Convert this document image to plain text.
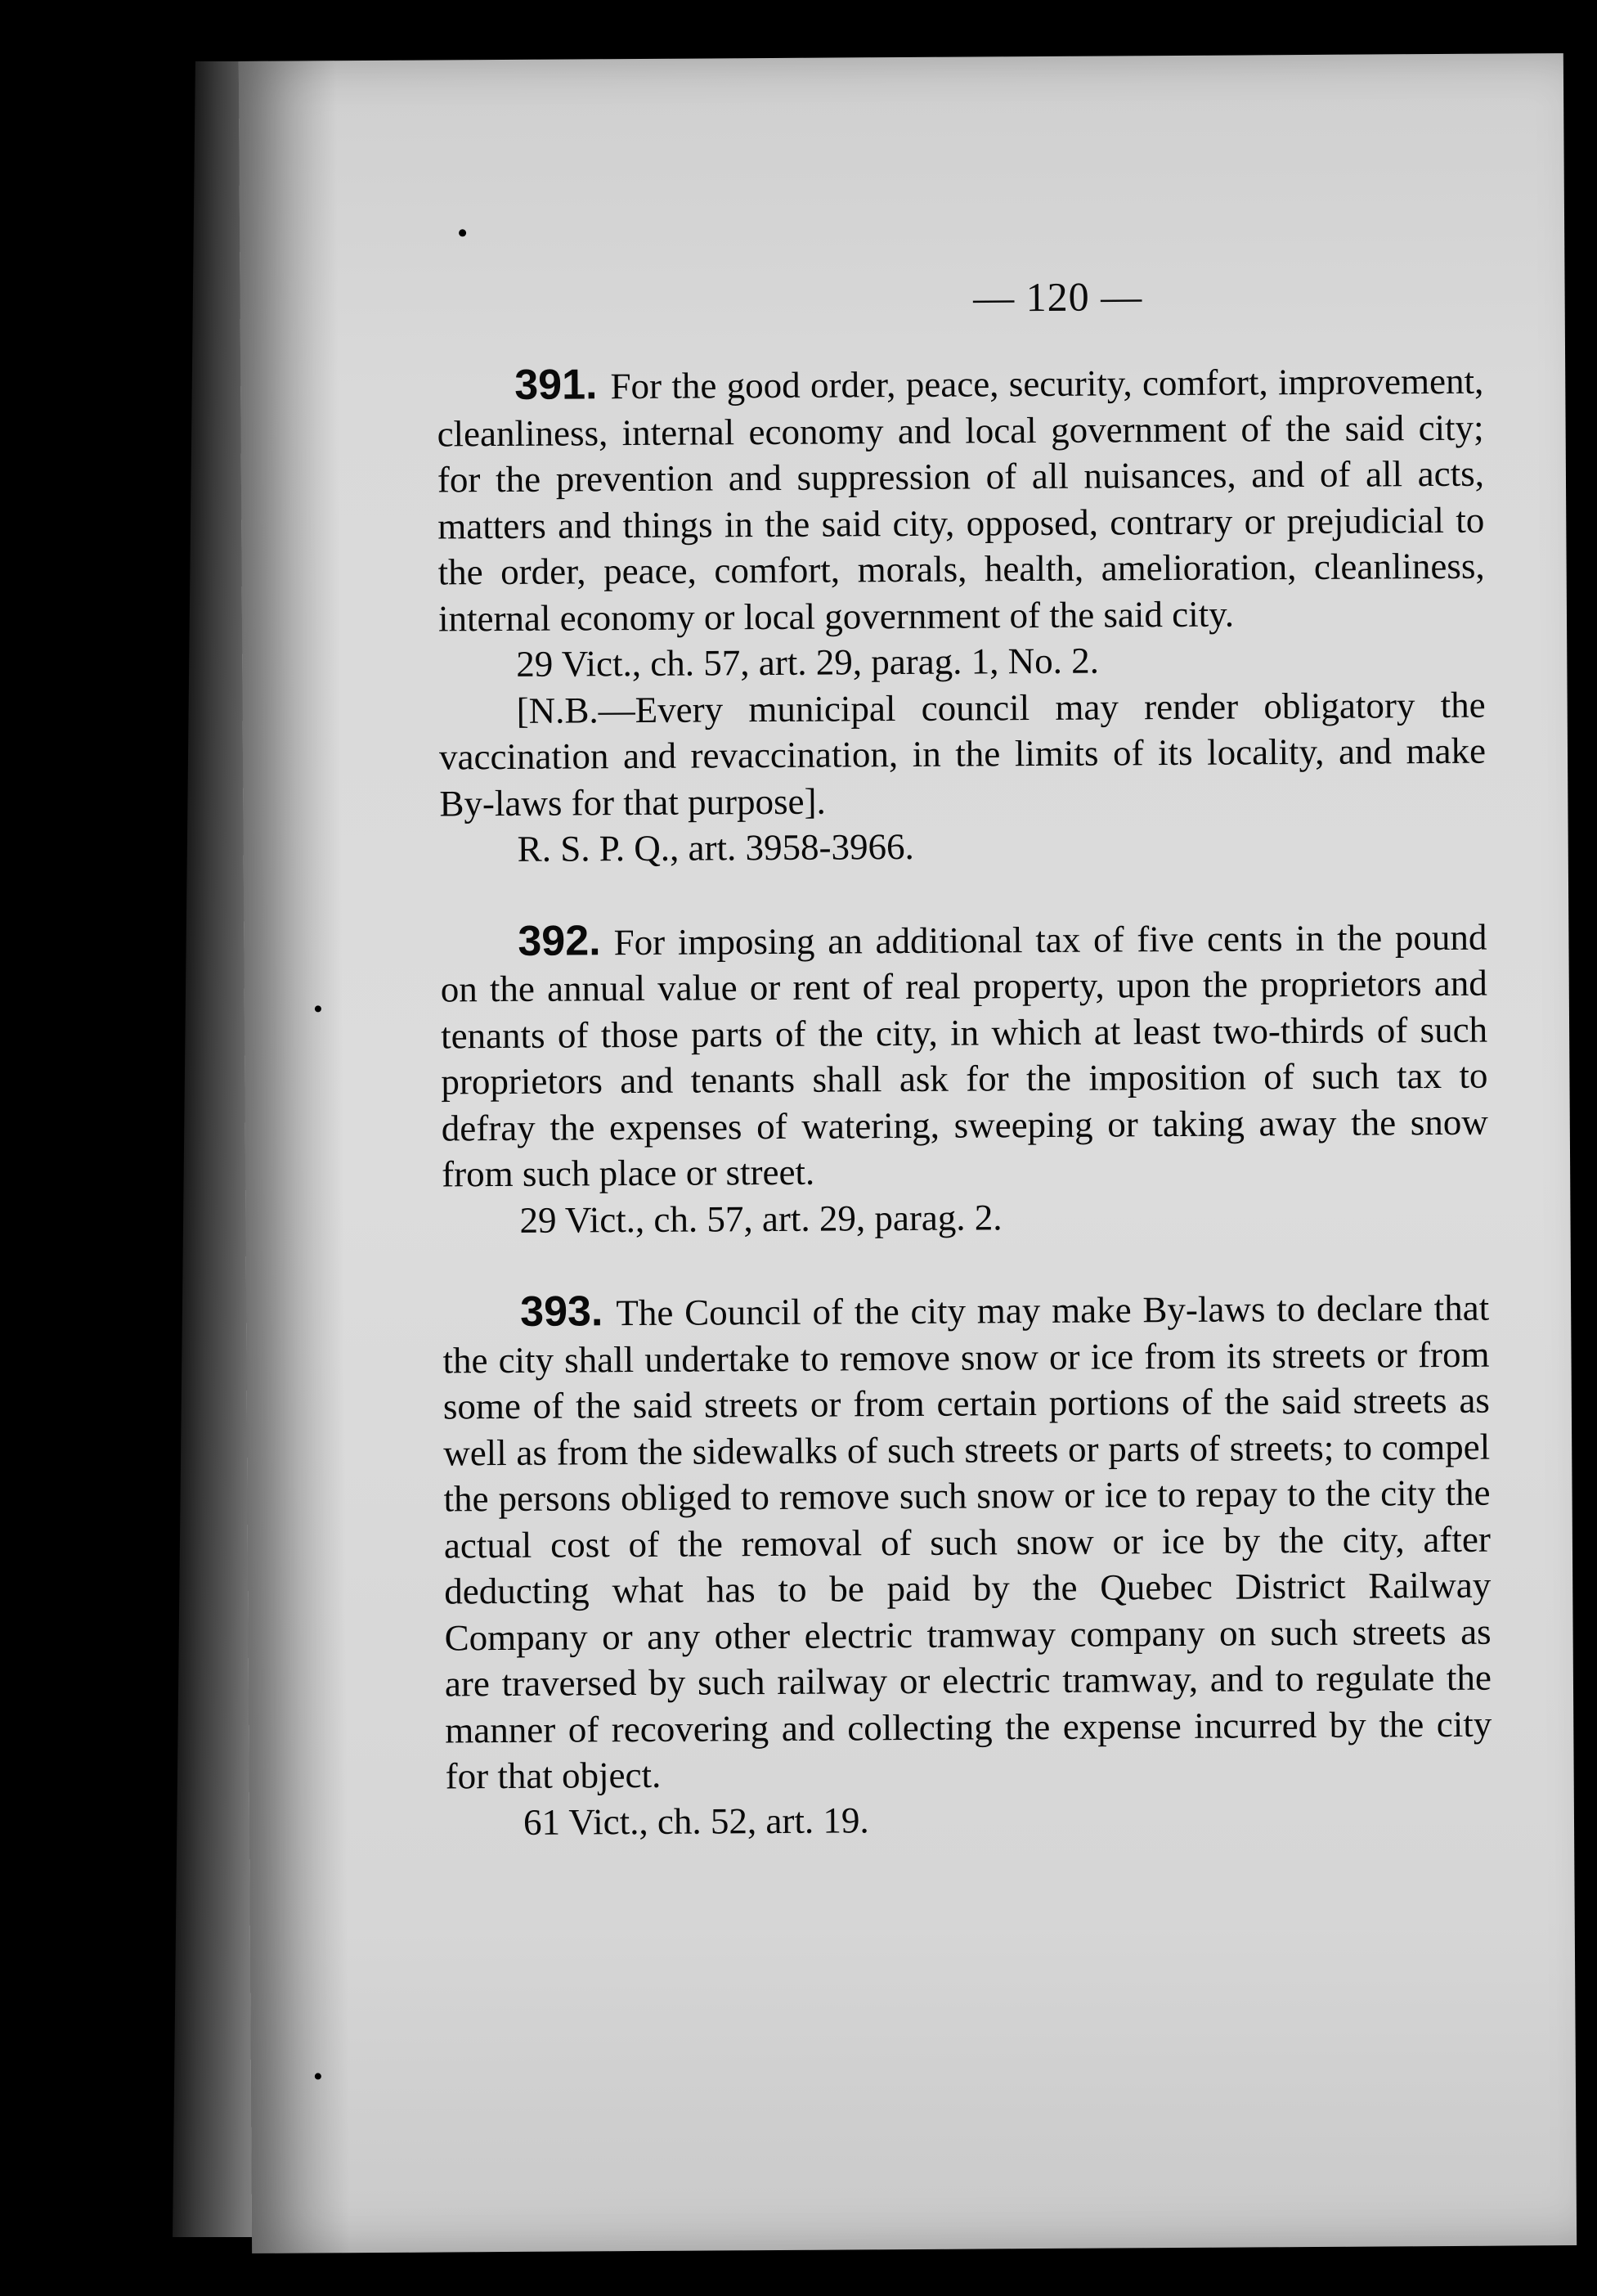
— 120 —

391. For the good order, peace, security, comfort, improvement, cleanliness, internal economy and local government of the said city; for the prevention and suppression of all nuisances, and of all acts, matters and things in the said city, opposed, contrary or prejudicial to the order, peace, comfort, morals, health, amelioration, cleanliness, internal economy or local government of the said city.

29 Vict., ch. 57, art. 29, parag. 1, No. 2.

[N.B.—Every municipal council may render obligatory the vaccination and revaccination, in the limits of its locality, and make By-laws for that purpose].

R. S. P. Q., art. 3958-3966.

392. For imposing an additional tax of five cents in the pound on the annual value or rent of real property, upon the proprietors and tenants of those parts of the city, in which at least two-thirds of such proprietors and tenants shall ask for the imposition of such tax to defray the expenses of watering, sweeping or taking away the snow from such place or street.

29 Vict., ch. 57, art. 29, parag. 2.

393. The Council of the city may make By-laws to declare that the city shall undertake to remove snow or ice from its streets or from some of the said streets or from certain portions of the said streets as well as from the sidewalks of such streets or parts of streets; to compel the persons obliged to remove such snow or ice to repay to the city the actual cost of the removal of such snow or ice by the city, after deducting what has to be paid by the Quebec District Railway Company or any other electric tramway company on such streets as are traversed by such railway or electric tramway, and to regulate the manner of recovering and collecting the expense incurred by the city for that object.

61 Vict., ch. 52, art. 19.
